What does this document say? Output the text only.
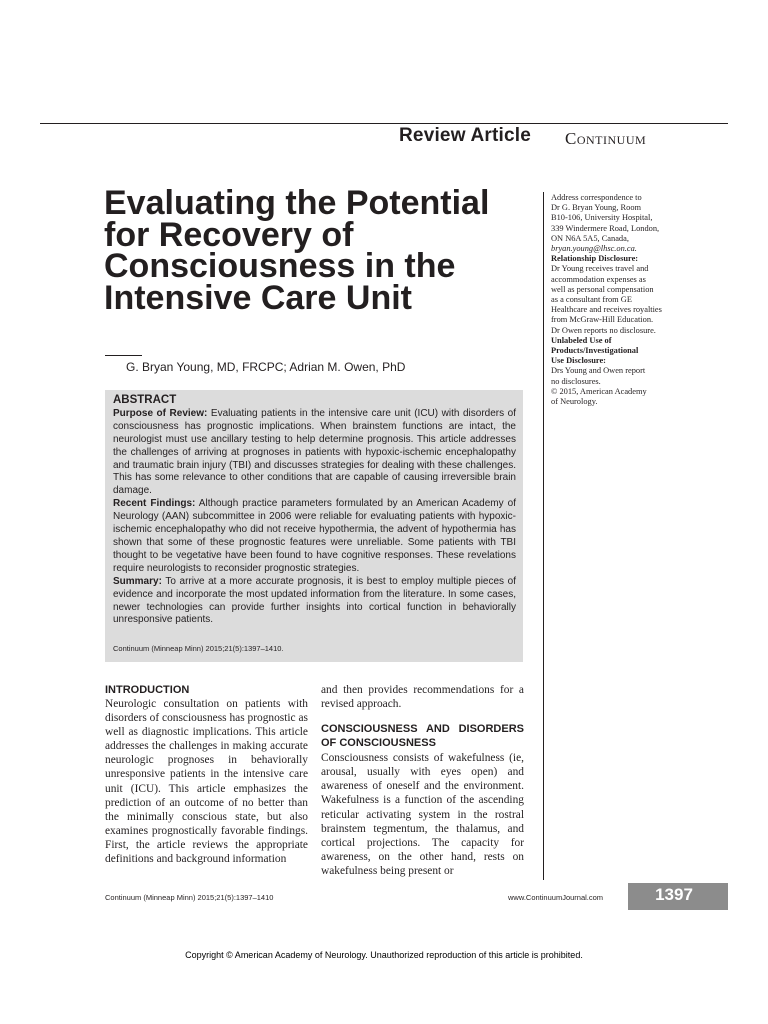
Review Article Continuum
Evaluating the Potential for Recovery of Consciousness in the Intensive Care Unit
G. Bryan Young, MD, FRCPC; Adrian M. Owen, PhD
Address correspondence to
Dr G. Bryan Young, Room
B10-106, University Hospital,
339 Windermere Road, London,
ON N6A 5A5, Canada,
bryan.young@lhsc.on.ca.
Relationship Disclosure:
Dr Young receives travel and
accommodation expenses as
well as personal compensation
as a consultant from GE
Healthcare and receives royalties
from McGraw-Hill Education.
Dr Owen reports no disclosure.
Unlabeled Use of
Products/Investigational
Use Disclosure:
Drs Young and Owen report
no disclosures.
© 2015, American Academy
of Neurology.
ABSTRACT

Purpose of Review: Evaluating patients in the intensive care unit (ICU) with disorders of consciousness has prognostic implications. When brainstem functions are intact, the neurologist must use ancillary testing to help determine prognosis. This article addresses the challenges of arriving at prognoses in patients with hypoxic-ischemic encephalopathy and traumatic brain injury (TBI) and discusses strategies for dealing with these challenges. This has some relevance to other conditions that are capable of causing irreversible brain damage.

Recent Findings: Although practice parameters formulated by an American Academy of Neurology (AAN) subcommittee in 2006 were reliable for evaluating patients with hypoxic-ischemic encephalopathy who did not receive hypothermia, the advent of hypothermia has shown that some of these prognostic features were unreliable. Some patients with TBI thought to be vegetative have been found to have cognitive responses. These revelations require neurologists to reconsider prognostic strategies.

Summary: To arrive at a more accurate prognosis, it is best to employ multiple pieces of evidence and incorporate the most updated information from the literature. In some cases, newer technologies can provide further insights into cortical function in behaviorally unresponsive patients.

Continuum (Minneap Minn) 2015;21(5):1397–1410.
INTRODUCTION
Neurologic consultation on patients with disorders of consciousness has prognostic as well as diagnostic implications. This article addresses the challenges in making accurate neurologic prognoses in behaviorally unresponsive patients in the intensive care unit (ICU). This article emphasizes the prediction of an outcome of no better than the minimally conscious state, but also examines prognostically favorable findings. First, the article reviews the appropriate definitions and background information
and then provides recommendations for a revised approach.
CONSCIOUSNESS AND DISORDERS OF CONSCIOUSNESS
Consciousness consists of wakefulness (ie, arousal, usually with eyes open) and awareness of oneself and the environment. Wakefulness is a function of the ascending reticular activating system in the rostral brainstem tegmentum, the thalamus, and cortical projections. The capacity for awareness, on the other hand, rests on wakefulness being present or
Continuum (Minneap Minn) 2015;21(5):1397–1410	www.ContinuumJournal.com	1397
Copyright © American Academy of Neurology. Unauthorized reproduction of this article is prohibited.
